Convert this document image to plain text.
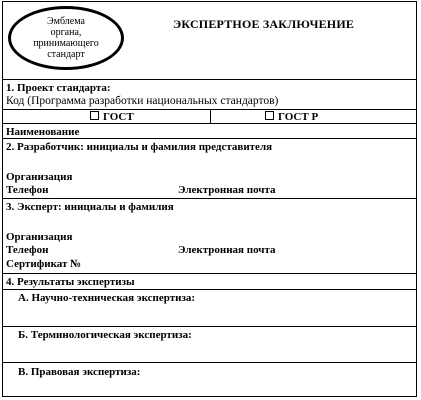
Эмблема
органа,
принимающего
стандарт
ЭКСПЕРТНОЕ ЗАКЛЮЧЕНИЕ
1. Проект стандарта:
Код (Программа разработки национальных стандартов)
ГОСТ	ГОСТ Р
Наименование
2. Разработчик: инициалы и фамилия представителя
Организация
Телефон	Электронная почта
3. Эксперт: инициалы и фамилия
Организация
Телефон	Электронная почта
Сертификат №
4. Результаты экспертизы
А. Научно-техническая экспертиза:
Б. Терминологическая экспертиза:
В. Правовая экспертиза:
